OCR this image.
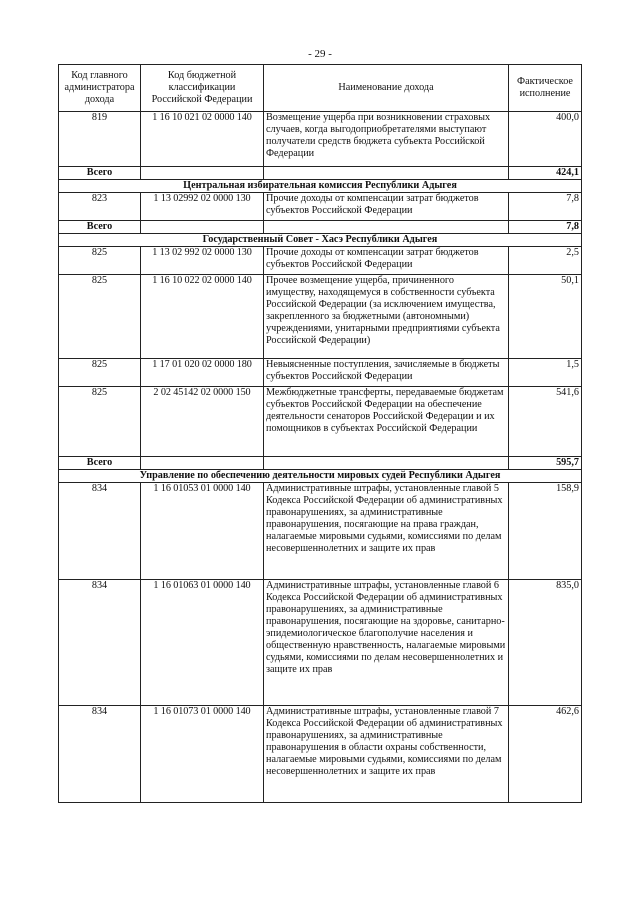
- 29 -
Код главного администратора дохода	Код бюджетной классификации Российской Федерации	Наименование дохода	Фактическое исполнение
819	1 16 10 021 02 0000 140	Возмещение ущерба при возникновении страховых случаев, когда выгодоприобретателями выступают получатели средств бюджета субъекта Российской Федерации	400,0
Всего			424,1
Центральная избирательная комиссия Республики Адыгея			
823	1 13 02992 02 0000 130	Прочие доходы от компенсации затрат бюджетов субъектов Российской Федерации	7,8
Всего			7,8
Государственный Совет - Хасэ Республики Адыгея			
825	1 13 02 992 02 0000 130	Прочие доходы от компенсации затрат бюджетов субъектов Российской Федерации	2,5
825	1 16 10 022 02 0000 140	Прочее возмещение ущерба, причиненного имуществу, находящемуся в собственности субъекта Российской Федерации (за исключением имущества, закрепленного за бюджетными (автономными) учреждениями, унитарными предприятиями субъекта Российской Федерации)	50,1
825	1 17 01 020 02 0000 180	Невыясненные поступления, зачисляемые в бюджеты субъектов Российской Федерации	1,5
825	2 02 45142 02 0000 150	Межбюджетные трансферты, передаваемые бюджетам субъектов Российской Федерации на обеспечение деятельности сенаторов Российской Федерации и их помощников в субъектах Российской Федерации	541,6
Всего			595,7
Управление по обеспечению деятельности мировых судей Республики Адыгея			
834	1 16 01053 01 0000 140	Административные штрафы, установленные главой 5 Кодекса Российской Федерации об административных правонарушениях, за административные правонарушения, посягающие на права граждан, налагаемые мировыми судьями, комиссиями по делам несовершеннолетних и защите их прав	158,9
834	1 16 01063 01 0000 140	Административные штрафы, установленные главой 6 Кодекса Российской Федерации об административных правонарушениях, за административные правонарушения, посягающие на здоровье, санитарно-эпидемиологическое благополучие населения и общественную нравственность, налагаемые мировыми судьями, комиссиями по делам несовершеннолетних и защите их прав	835,0
834	1 16 01073 01 0000 140	Административные штрафы, установленные главой 7 Кодекса Российской Федерации об административных правонарушениях, за административные правонарушения в области охраны собственности, налагаемые мировыми судьями, комиссиями по делам несовершеннолетних и защите их прав	462,6
